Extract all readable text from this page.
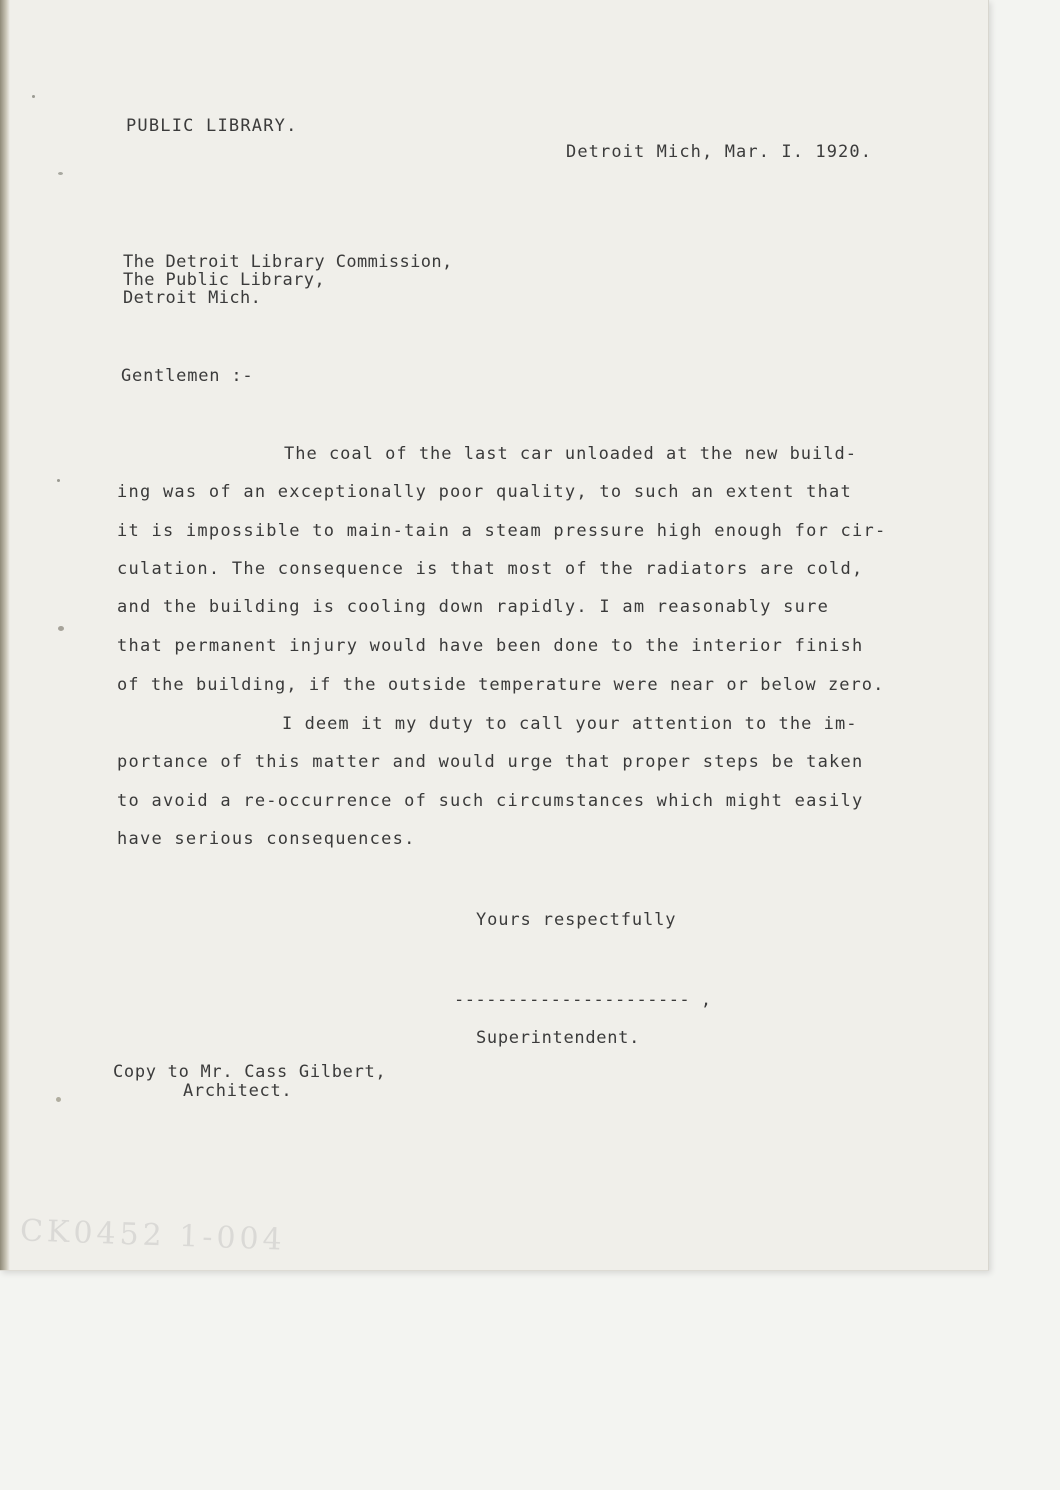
PUBLIC LIBRARY.
Detroit Mich, Mar. I. 1920.
The Detroit Library Commission,
The Public Library,
Detroit Mich.
Gentlemen :-
The coal of the last car unloaded at the new build-
ing was of an exceptionally poor quality, to such an extent that
it is impossible to main-tain a steam pressure high enough for cir-
culation. The consequence is that most of the radiators are cold,
and the building is cooling down rapidly. I am reasonably sure
that permanent injury would have been done to the interior finish
of the building, if the outside temperature were near or below zero.
I deem it my duty to call your attention to the im-
portance of this matter and would urge that proper steps be taken
to avoid a re-occurrence of such circumstances which might easily
have serious consequences.
Yours respectfully
---------------------- ,
Superintendent.
Copy to Mr. Cass Gilbert,
Architect.
CK0452 1-004
